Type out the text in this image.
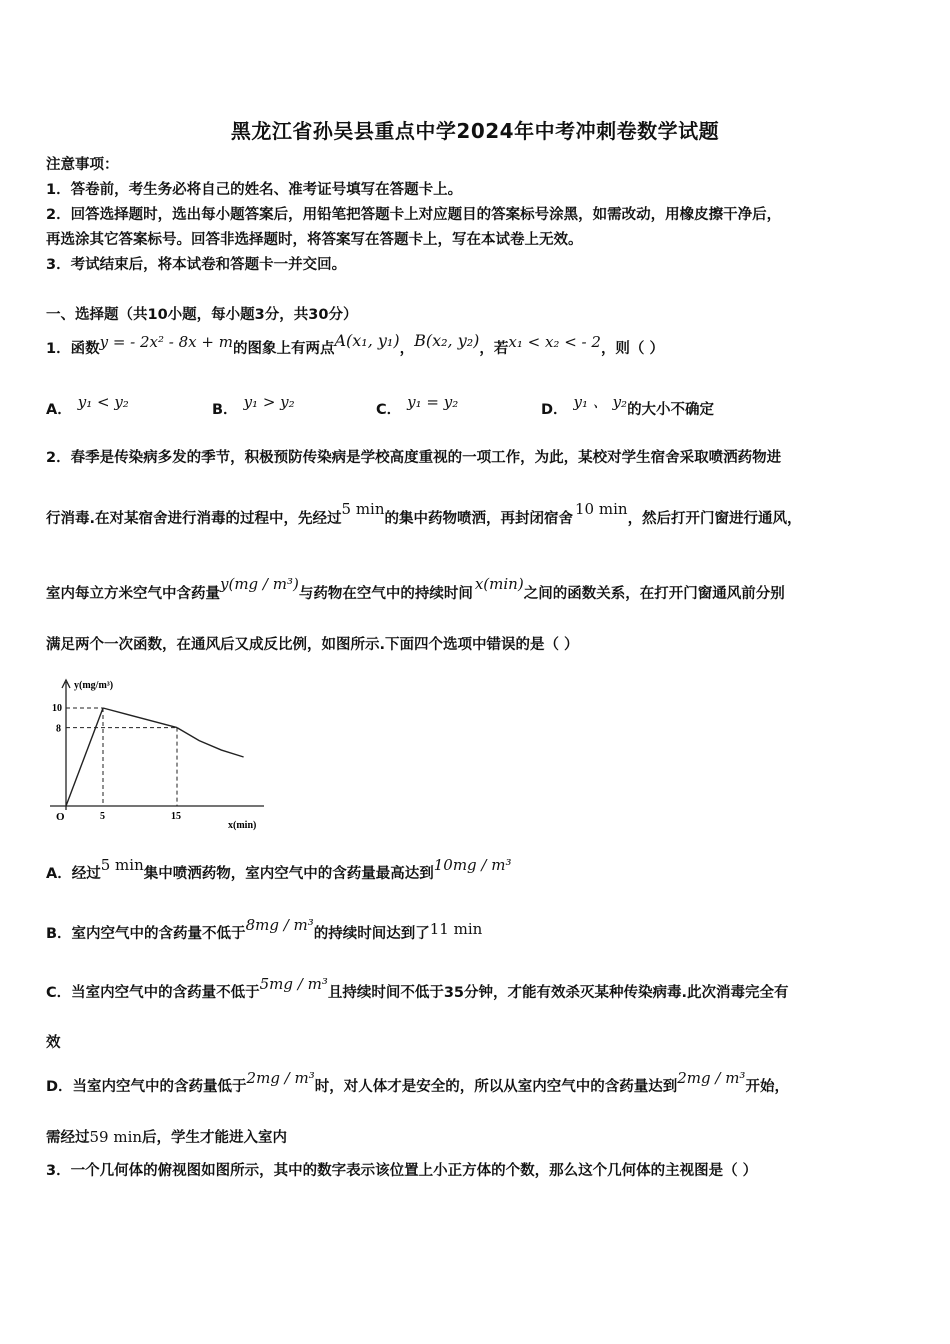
黑龙江省孙吴县重点中学2024年中考冲刺卷数学试题
注意事项：
1．答卷前，考生务必将自己的姓名、准考证号填写在答题卡上。
2．回答选择题时，选出每小题答案后，用铅笔把答题卡上对应题目的答案标号涂黑，如需改动，用橡皮擦干净后，
再选涂其它答案标号。回答非选择题时，将答案写在答题卡上，写在本试卷上无效。
3．考试结束后，将本试卷和答题卡一并交回。
一、选择题（共10小题，每小题3分，共30分）
1．函数y = - 2x² - 8x + m的图象上有两点A(x₁, y₁)，B(x₂, y₂)，若x₁ < x₂ < - 2，则（ ）
A． y₁ < y₂	B． y₁ > y₂	C． y₁ = y₂	D． y₁ 、 y₂的大小不确定
2．春季是传染病多发的季节，积极预防传染病是学校高度重视的一项工作，为此，某校对学生宿舍采取喷洒药物进
行消毒.在对某宿舍进行消毒的过程中，先经过5 min的集中药物喷洒，再封闭宿舍10 min，然后打开门窗进行通风，
室内每立方米空气中含药量y(mg / m³)与药物在空气中的持续时间x(min)之间的函数关系，在打开门窗通风前分别
满足两个一次函数，在通风后又成反比例，如图所示.下面四个选项中错误的是（ ）
y(mg/m³)
x(min)
O	5	15
10
8
A．经过5 min集中喷洒药物，室内空气中的含药量最高达到10mg / m³
B．室内空气中的含药量不低于8mg / m³的持续时间达到了11 min
C．当室内空气中的含药量不低于5mg / m³且持续时间不低于35分钟，才能有效杀灭某种传染病毒.此次消毒完全有
效
D．当室内空气中的含药量低于2mg / m³时，对人体才是安全的，所以从室内空气中的含药量达到2mg / m³开始，
需经过59 min后，学生才能进入室内
3．一个几何体的俯视图如图所示，其中的数字表示该位置上小正方体的个数，那么这个几何体的主视图是（ ）
